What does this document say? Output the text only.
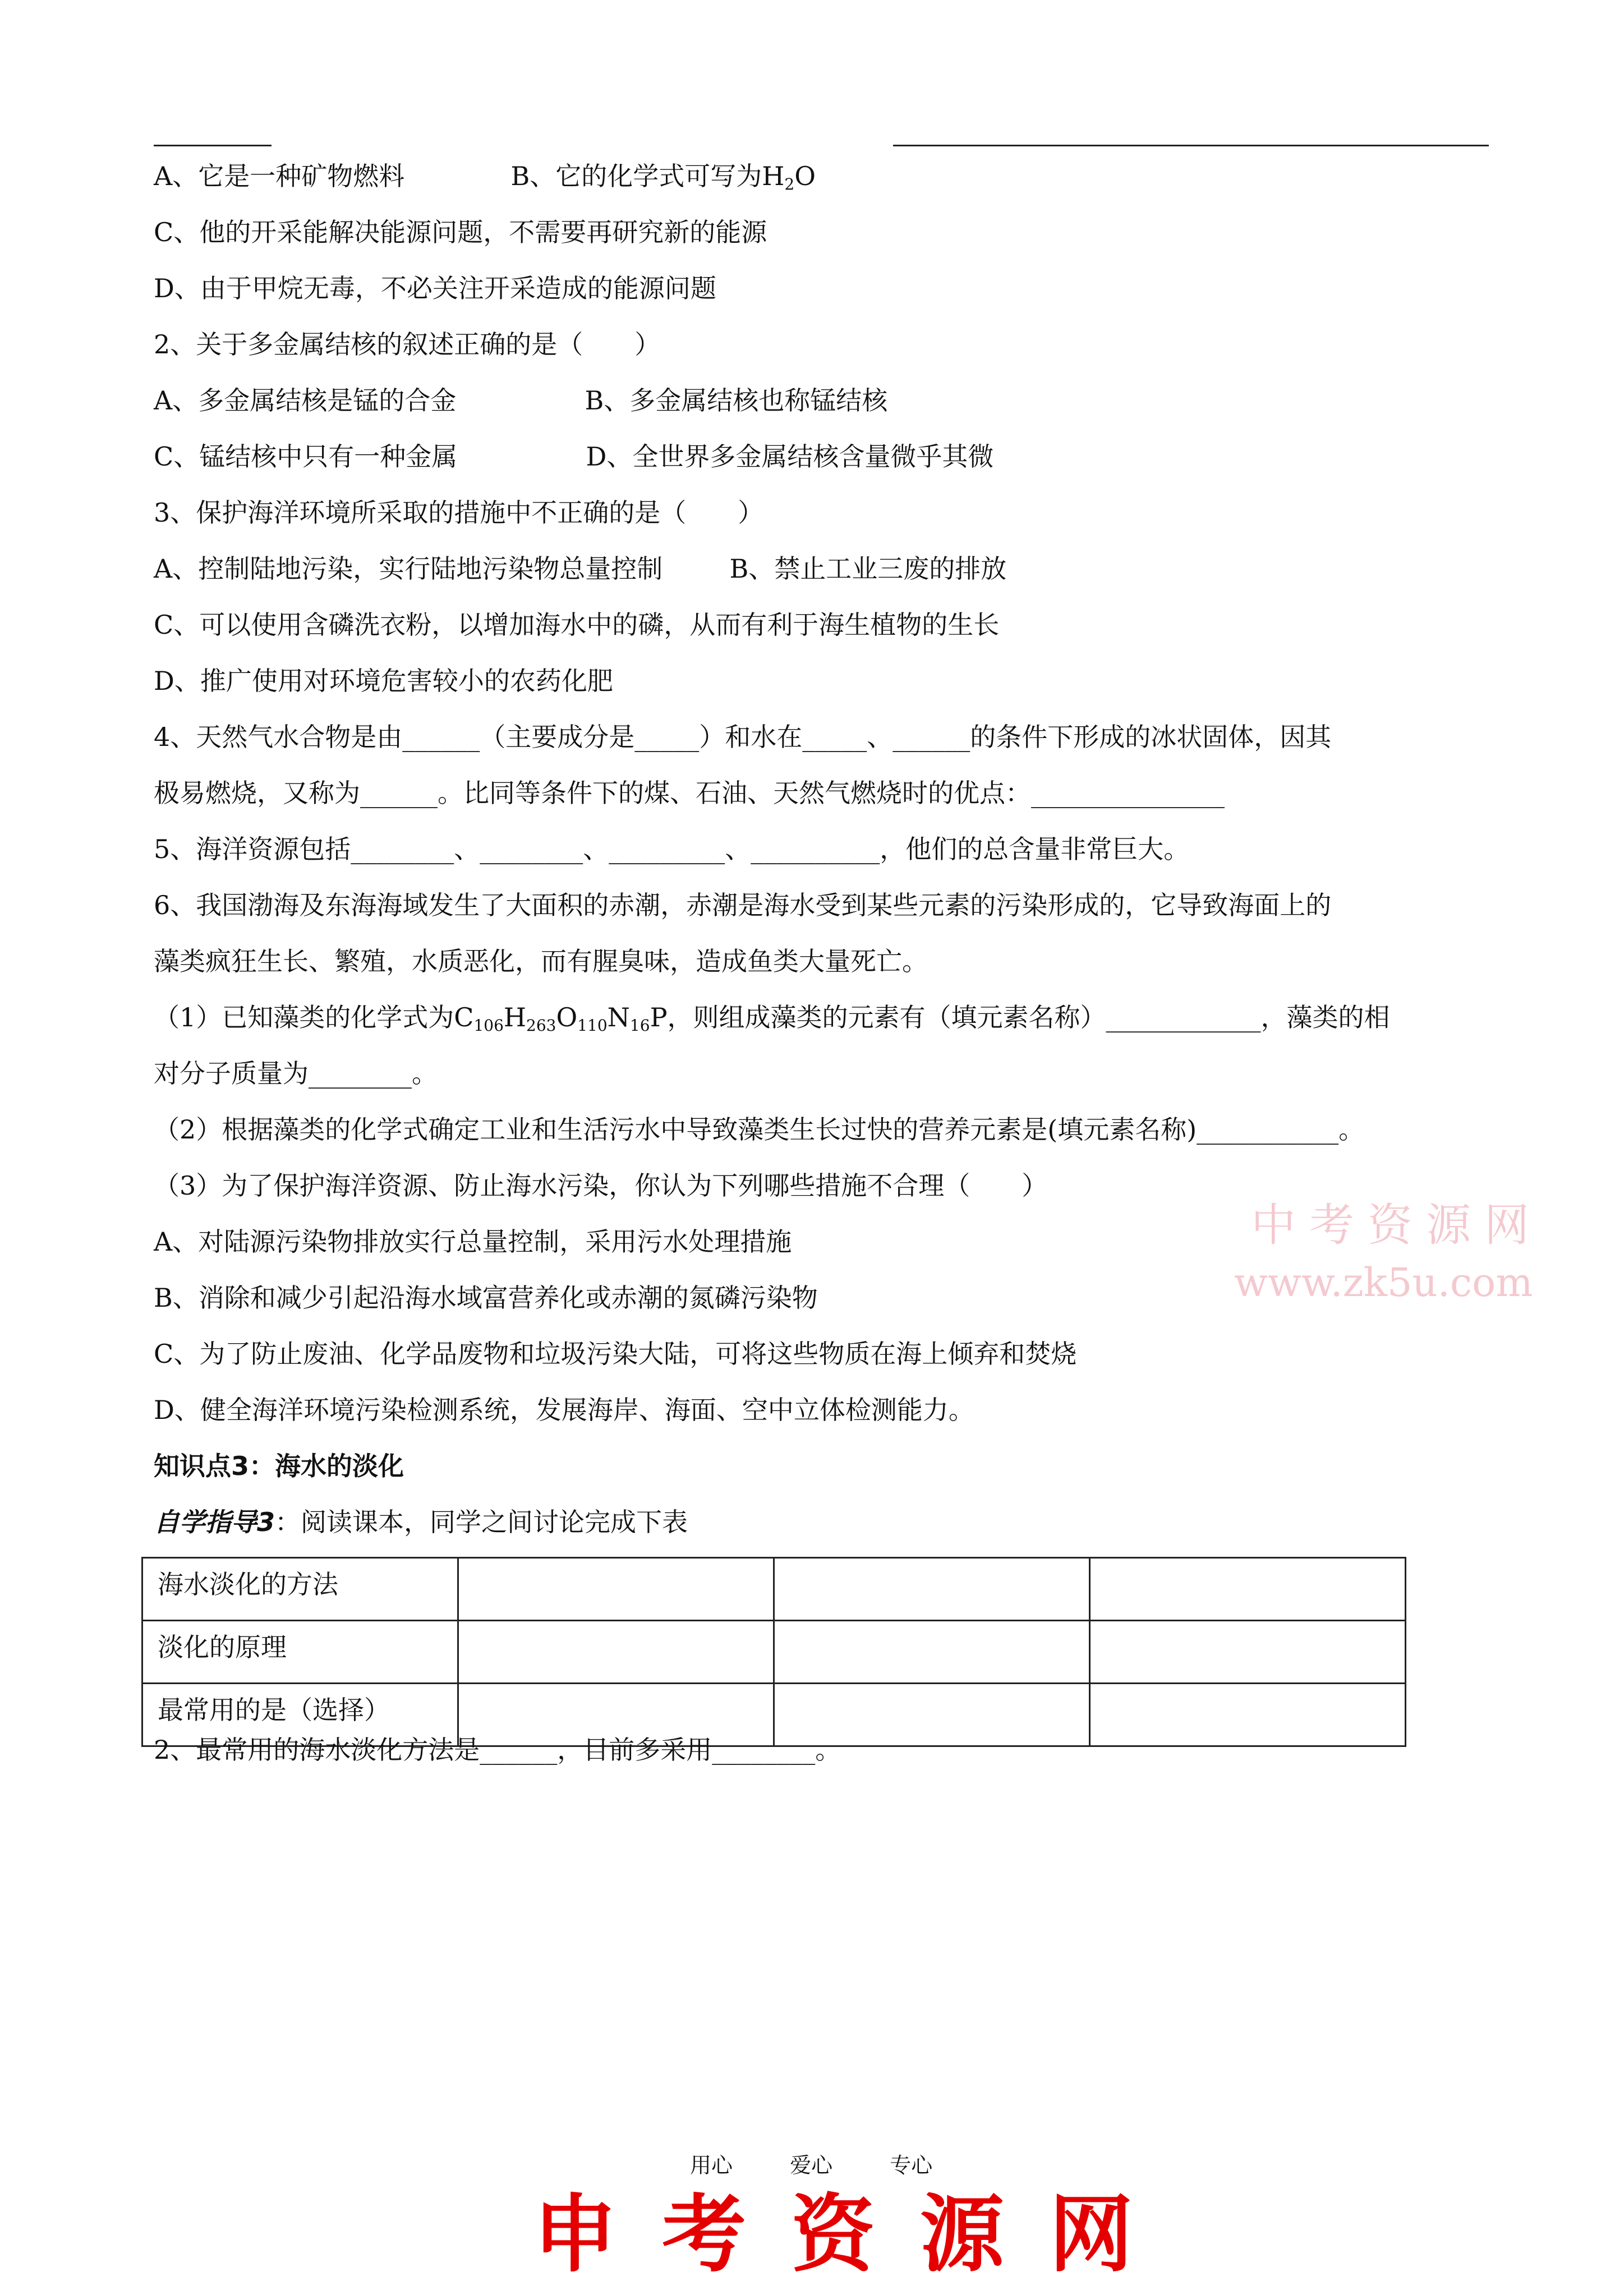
A、它是一种矿物燃料	B、它的化学式可写为$H_2O$
C、他的开采能解决能源问题，不需要再研究新的能源
D、由于甲烷无毒，不必关注开采造成的能源问题
2、关于多金属结核的叙述正确的是（　　）
A、多金属结核是锰的合金	B、多金属结核也称锰结核
C、锰结核中只有一种金属	D、全世界多金属结核含量微乎其微
3、保护海洋环境所采取的措施中不正确的是（　　）
A、控制陆地污染，实行陆地污染物总量控制	B、禁止工业三废的排放
C、可以使用含磷洗衣粉，以增加海水中的磷，从而有利于海生植物的生长
D、推广使用对环境危害较小的农药化肥
4、天然气水合物是由______（主要成分是_____）和水在_____、______的条件下形成的冰状固体，因其
极易燃烧，又称为______。比同等条件下的煤、石油、天然气燃烧时的优点：_______________
5、海洋资源包括________、________、_________、__________，他们的总含量非常巨大。
6、我国渤海及东海海域发生了大面积的赤潮，赤潮是海水受到某些元素的污染形成的，它导致海面上的
藻类疯狂生长、繁殖，水质恶化，而有腥臭味，造成鱼类大量死亡。
（1）已知藻类的化学式为$C_{106}H_{263}O_{110}N_{16}P$，则组成藻类的元素有（填元素名称）____________，藻类的相
对分子质量为________。
（2）根据藻类的化学式确定工业和生活污水中导致藻类生长过快的营养元素是(填元素名称)___________。
（3）为了保护海洋资源、防止海水污染，你认为下列哪些措施不合理（　　）
A、对陆源污染物排放实行总量控制，采用污水处理措施
B、消除和减少引起沿海水域富营养化或赤潮的氮磷污染物
C、为了防止废油、化学品废物和垃圾污染大陆，可将这些物质在海上倾弃和焚烧
D、健全海洋环境污染检测系统，发展海岸、海面、空中立体检测能力。
知识点3：海水的淡化
自学指导3：阅读课本，同学之间讨论完成下表
海水淡化的方法			
淡化的原理			
最常用的是（选择）			
2、最常用的海水淡化方法是______，目前多采用________。
中考资源网
www.zk5u.com
用心	爱心	专心
申考资源网
